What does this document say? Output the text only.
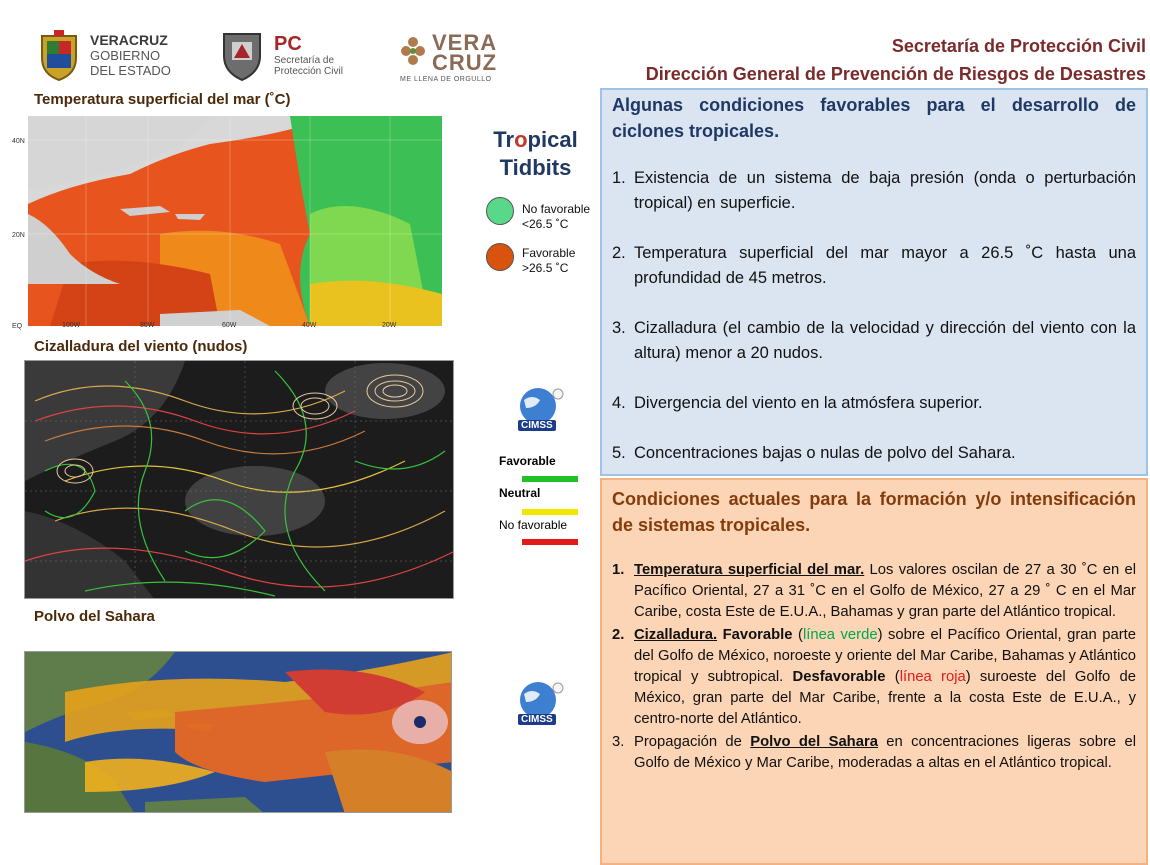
VERACRUZ
GOBIERNO
DEL ESTADO
PC
Secretaría de
Protección Civil
VERA
CRUZ
ME LLENA DE ORGULLO
Secretaría de Protección Civil
Dirección General de Prevención de Riesgos de Desastres
Temperatura superficial del mar (˚C)
40N
20N
EQ	100W	80W	60W	40W	20W
Cizalladura del viento (nudos)
Polvo del Sahara
Tropical
Tidbits
No favorable
<26.5 ˚C
Favorable
>26.5 ˚C
CIMSS
Favorable
Neutral
No favorable
CIMSS
Algunas condiciones favorables para el desarrollo de ciclones tropicales.
1. Existencia de un sistema de baja presión (onda o perturbación tropical) en superficie.
2. Temperatura superficial del mar mayor a 26.5 ˚C hasta una profundidad de 45 metros.
3. Cizalladura (el cambio de la velocidad y dirección del viento con la altura) menor a 20 nudos.
4. Divergencia del viento en la atmósfera superior.
5. Concentraciones bajas o nulas de polvo del Sahara.
Condiciones actuales para la formación y/o intensificación de sistemas tropicales.
1. Temperatura superficial del mar. Los valores oscilan de 27 a 30 ˚C en el Pacífico Oriental, 27 a 31 ˚C en el Golfo de México, 27 a 29 ˚ C en el Mar Caribe, costa Este de E.U.A., Bahamas y gran parte del Atlántico tropical.
2. Cizalladura. Favorable (línea verde) sobre el Pacífico Oriental, gran parte del Golfo de México, noroeste y oriente del Mar Caribe, Bahamas y Atlántico tropical y subtropical. Desfavorable (línea roja) suroeste del Golfo de México, gran parte del Mar Caribe, frente a la costa Este de E.U.A., y centro-norte del Atlántico.
3. Propagación de Polvo del Sahara en concentraciones ligeras sobre el Golfo de México y Mar Caribe, moderadas a altas en el Atlántico tropical.
